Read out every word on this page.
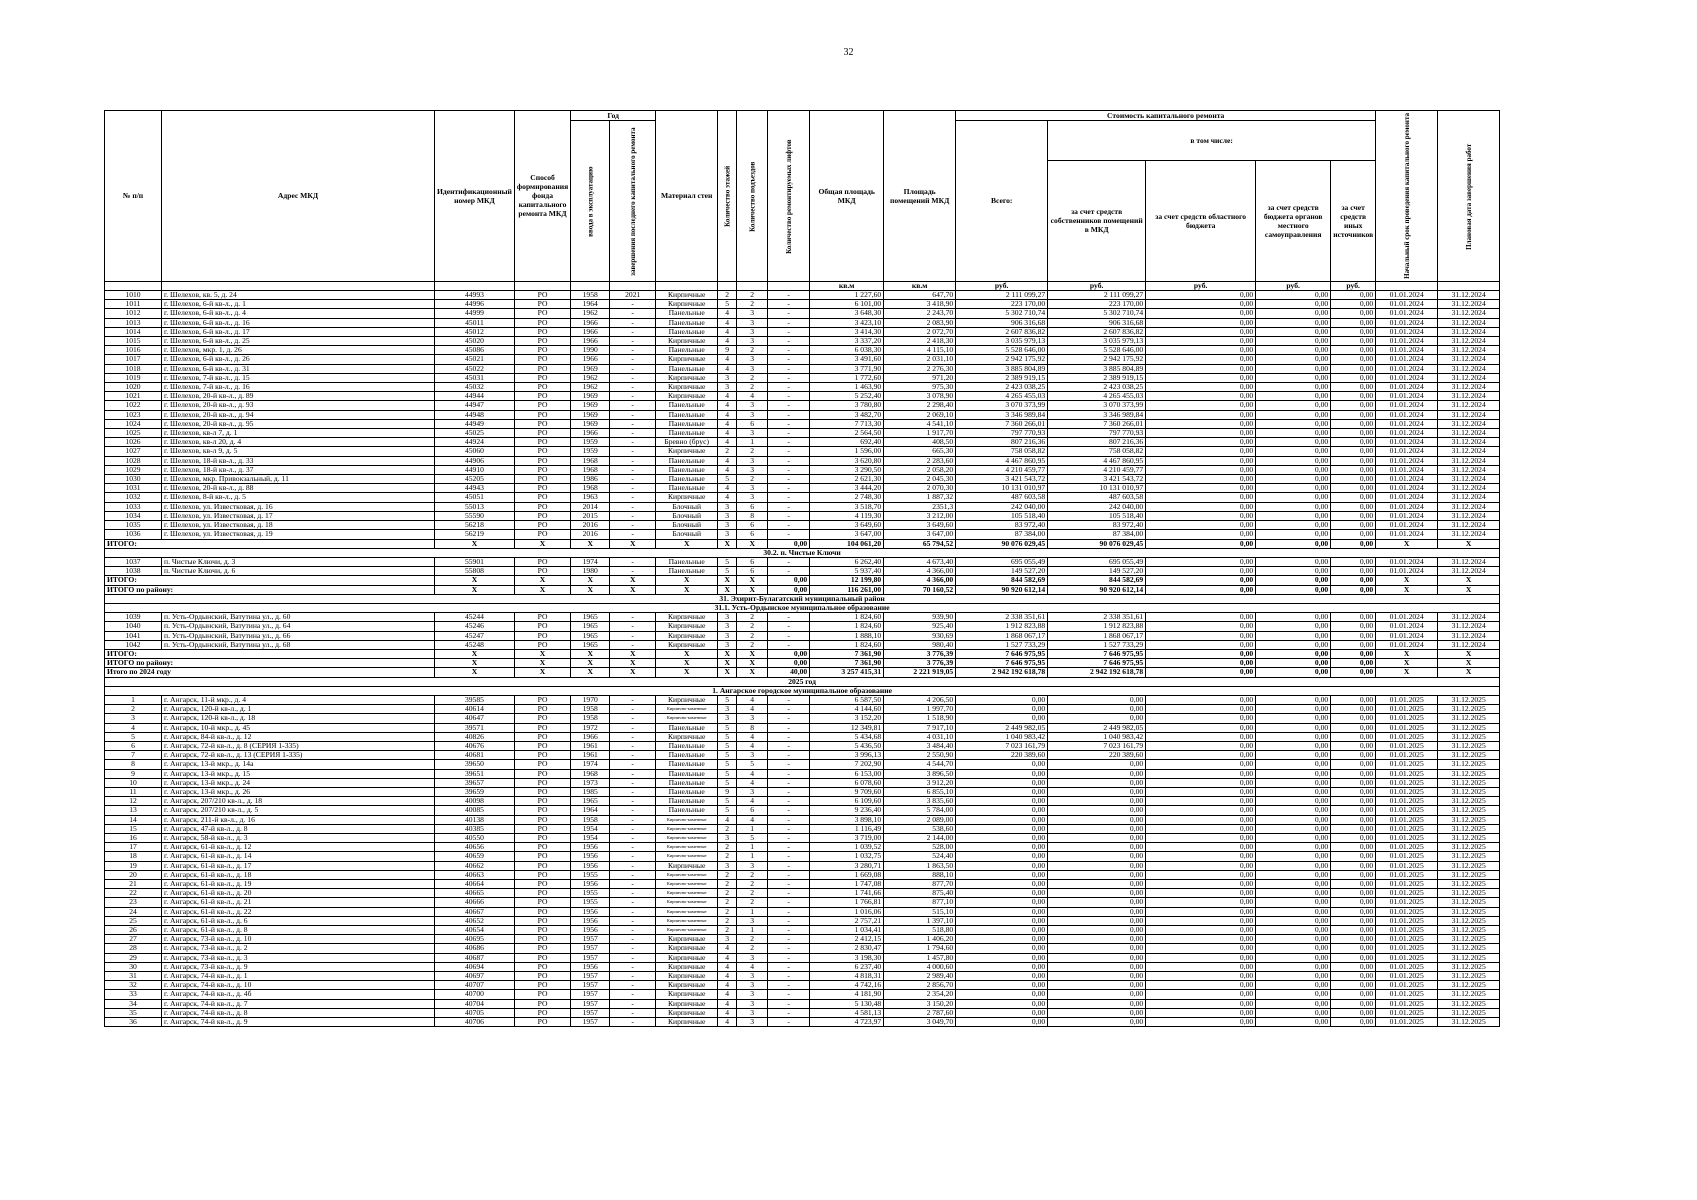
32
№ п/п	Адрес МКД	Идентификационный номер МКД	Способ формирования фонда капитального ремонта МКД	Год		Материал стен	Количество этажей	Количество подъездов	Количество ремонтируемых лифтов	Общая площадь МКД	Площадь помещений МКД	Стоимость капитального ремонта					Начальный срок проведения капитального ремонта	Плановая дата завершения работ
				ввода в эксплуатацию	завершения последнего капитального ремонта							Всего:	в том числе:					
													за счет средств собственников помещений в МКД	за счет средств областного бюджета	за счет средств бюджета органов местного самоуправления	за счет средств иных источников		
										кв.м	кв.м	руб.	руб.	руб.	руб.	руб.		
1010	г. Шелехов, кв. 5, д. 24	44993	РО	1958	2021	Кирпичные	2	2	-	1 227,60	647,70	2 111 099,27	2 111 099,27	0,00	0,00	0,00	01.01.2024	31.12.2024
1011	г. Шелехов, 6-й кв-л., д. 1	44996	РО	1964	-	Кирпичные	5	2	-	6 101,00	3 418,90	223 170,00	223 170,00	0,00	0,00	0,00	01.01.2024	31.12.2024
1012	г. Шелехов, 6-й кв-л., д. 4	44999	РО	1962	-	Панельные	4	3	-	3 648,30	2 243,70	5 302 710,74	5 302 710,74	0,00	0,00	0,00	01.01.2024	31.12.2024
1013	г. Шелехов, 6-й кв-л., д. 16	45011	РО	1966	-	Панельные	4	3	-	3 423,10	2 083,90	906 316,68	906 316,68	0,00	0,00	0,00	01.01.2024	31.12.2024
1014	г. Шелехов, 6-й кв-л., д. 17	45012	РО	1966	-	Панельные	4	3	-	3 414,30	2 072,70	2 607 836,82	2 607 836,82	0,00	0,00	0,00	01.01.2024	31.12.2024
1015	г. Шелехов, 6-й кв-л., д. 25	45020	РО	1966	-	Кирпичные	4	3	-	3 337,20	2 418,30	3 035 979,13	3 035 979,13	0,00	0,00	0,00	01.01.2024	31.12.2024
1016	г. Шелехов, мкр. 1, д. 26	45086	РО	1990	-	Панельные	9	2	-	6 038,30	4 115,10	5 528 646,00	5 528 646,00	0,00	0,00	0,00	01.01.2024	31.12.2024
1017	г. Шелехов, 6-й кв-л., д. 26	45021	РО	1966	-	Кирпичные	4	3	-	3 491,60	2 031,10	2 942 175,92	2 942 175,92	0,00	0,00	0,00	01.01.2024	31.12.2024
1018	г. Шелехов, 6-й кв-л., д. 31	45022	РО	1969	-	Панельные	4	3	-	3 771,90	2 276,30	3 885 804,89	3 885 804,89	0,00	0,00	0,00	01.01.2024	31.12.2024
1019	г. Шелехов, 7-й кв-л., д. 15	45031	РО	1962	-	Кирпичные	3	2	-	1 772,60	971,20	2 389 919,15	2 389 919,15	0,00	0,00	0,00	01.01.2024	31.12.2024
1020	г. Шелехов, 7-й кв-л., д. 16	45032	РО	1962	-	Кирпичные	3	2	-	1 463,90	975,30	2 423 038,25	2 423 038,25	0,00	0,00	0,00	01.01.2024	31.12.2024
1021	г. Шелехов, 20-й кв-л., д. 89	44944	РО	1969	-	Кирпичные	4	4	-	5 252,40	3 078,90	4 265 455,03	4 265 455,03	0,00	0,00	0,00	01.01.2024	31.12.2024
1022	г. Шелехов, 20-й кв-л., д. 93	44947	РО	1969	-	Панельные	4	3	-	3 780,80	2 298,40	3 070 373,99	3 070 373,99	0,00	0,00	0,00	01.01.2024	31.12.2024
1023	г. Шелехов, 20-й кв-л., д. 94	44948	РО	1969	-	Панельные	4	3	-	3 482,70	2 069,10	3 346 989,84	3 346 989,84	0,00	0,00	0,00	01.01.2024	31.12.2024
1024	г. Шелехов, 20-й кв-л., д. 95	44949	РО	1969	-	Панельные	4	6	-	7 713,30	4 541,10	7 360 266,01	7 360 266,01	0,00	0,00	0,00	01.01.2024	31.12.2024
1025	г. Шелехов, кв-л 7, д. 1	45025	РО	1966	-	Панельные	4	3	-	2 564,50	1 917,70	797 770,93	797 770,93	0,00	0,00	0,00	01.01.2024	31.12.2024
1026	г. Шелехов, кв-л 20, д. 4	44924	РО	1959	-	Бревно (брус)	4	1	-	692,40	408,50	807 216,36	807 216,36	0,00	0,00	0,00	01.01.2024	31.12.2024
1027	г. Шелехов, кв-л 9, д. 5	45060	РО	1959	-	Кирпичные	2	2	-	1 596,00	665,30	758 058,82	758 058,82	0,00	0,00	0,00	01.01.2024	31.12.2024
1028	г. Шелехов, 18-й кв-л., д. 33	44906	РО	1968	-	Панельные	4	3	-	3 620,80	2 283,60	4 467 860,95	4 467 860,95	0,00	0,00	0,00	01.01.2024	31.12.2024
1029	г. Шелехов, 18-й кв-л., д. 37	44910	РО	1968	-	Панельные	4	3	-	3 290,50	2 058,20	4 210 459,77	4 210 459,77	0,00	0,00	0,00	01.01.2024	31.12.2024
1030	г. Шелехов, мкр. Привокзальный, д. 11	45205	РО	1986	-	Панельные	5	2	-	2 621,30	2 045,30	3 421 543,72	3 421 543,72	0,00	0,00	0,00	01.01.2024	31.12.2024
1031	г. Шелехов, 20-й кв-л., д. 88	44943	РО	1968	-	Панельные	4	3	-	3 444,20	2 070,30	10 131 010,97	10 131 010,97	0,00	0,00	0,00	01.01.2024	31.12.2024
1032	г. Шелехов, 8-й кв-л., д. 5	45051	РО	1963	-	Кирпичные	4	3	-	2 748,30	1 887,32	487 603,58	487 603,58	0,00	0,00	0,00	01.01.2024	31.12.2024
1033	г. Шелехов, ул. Известковая, д. 16	55013	РО	2014	-	Блочный	3	6	-	3 518,70	2351,3	242 040,00	242 040,00	0,00	0,00	0,00	01.01.2024	31.12.2024
1034	г. Шелехов, ул. Известковая, д. 17	55590	РО	2015	-	Блочный	3	8	-	4 119,30	3 212,00	105 518,40	105 518,40	0,00	0,00	0,00	01.01.2024	31.12.2024
1035	г. Шелехов, ул. Известковая, д. 18	56218	РО	2016	-	Блочный	3	6	-	3 649,60	3 649,60	83 972,40	83 972,40	0,00	0,00	0,00	01.01.2024	31.12.2024
1036	г. Шелехов, ул. Известковая, д. 19	56219	РО	2016	-	Блочный	3	6	-	3 647,00	3 647,00	87 384,00	87 384,00	0,00	0,00	0,00	01.01.2024	31.12.2024
ИТОГО:		X	X	X	X	X	X	X	0,00	104 061,20	65 794,52	90 076 029,45	90 076 029,45	0,00	0,00	0,00	X	X
30.2. п. Чистые Ключи																		
1037	п. Чистые Ключи, д. 3	55901	РО	1974	-	Панельные	5	6	-	6 262,40	4 673,40	695 055,49	695 055,49	0,00	0,00	0,00	01.01.2024	31.12.2024
1038	п. Чистые Ключи, д. 6	55808	РО	1980	-	Панельные	5	6	-	5 937,40	4 366,00	149 527,20	149 527,20	0,00	0,00	0,00	01.01.2024	31.12.2024
ИТОГО:		X	X	X	X	X	X	X	0,00	12 199,80	4 366,00	844 582,69	844 582,69	0,00	0,00	0,00	X	X
ИТОГО по району:		X	X	X	X	X	X	X	0,00	116 261,00	70 160,52	90 920 612,14	90 920 612,14	0,00	0,00	0,00	X	X
31. Эхирит-Булагатский муниципальный район																		
31.1. Усть-Ордынское муниципальное образование																		
1039	п. Усть-Ордынский, Ватутина ул., д. 60	45244	РО	1965	-	Кирпичные	3	2	-	1 824,60	939,90	2 338 351,61	2 338 351,61	0,00	0,00	0,00	01.01.2024	31.12.2024
1040	п. Усть-Ордынский, Ватутина ул., д. 64	45246	РО	1965	-	Кирпичные	3	2	-	1 824,60	925,40	1 912 823,88	1 912 823,88	0,00	0,00	0,00	01.01.2024	31.12.2024
1041	п. Усть-Ордынский, Ватутина ул., д. 66	45247	РО	1965	-	Кирпичные	3	2	-	1 888,10	930,69	1 868 067,17	1 868 067,17	0,00	0,00	0,00	01.01.2024	31.12.2024
1042	п. Усть-Ордынский, Ватутина ул., д. 68	45248	РО	1965	-	Кирпичные	3	2	-	1 824,60	980,40	1 527 733,29	1 527 733,29	0,00	0,00	0,00	01.01.2024	31.12.2024
ИТОГО:		X	X	X	X	X	X	X	0,00	7 361,90	3 776,39	7 646 975,95	7 646 975,95	0,00	0,00	0,00	X	X
ИТОГО по району:		X	X	X	X	X	X	X	0,00	7 361,90	3 776,39	7 646 975,95	7 646 975,95	0,00	0,00	0,00	X	X
Итого по 2024 году		X	X	X	X	X	X	X	40,00	3 257 415,31	2 221 919,05	2 942 192 618,78	2 942 192 618,78	0,00	0,00	0,00	X	X
2025 год																		
1. Ангарское городское муниципальное образование																		
1	г. Ангарск, 11-й мкр., д. 4	39585	РО	1970	-	Кирпичные	5	4	-	6 587,50	4 206,50	0,00	0,00	0,00	0,00	0,00	01.01.2025	31.12.2025
2	г. Ангарск, 120-й кв-л., д. 1	40614	РО	1958	-	Кирпично-каменные	3	4	-	4 144,60	1 997,70	0,00	0,00	0,00	0,00	0,00	01.01.2025	31.12.2025
3	г. Ангарск, 120-й кв-л., д. 18	40647	РО	1958	-	Кирпично-каменные	3	3	-	3 152,20	1 518,90	0,00	0,00	0,00	0,00	0,00	01.01.2025	31.12.2025
4	г. Ангарск, 10-й мкр., д. 45	39571	РО	1972	-	Панельные	5	8	-	12 349,81	7 917,10	2 449 982,05	2 449 982,05	0,00	0,00	0,00	01.01.2025	31.12.2025
5	г. Ангарск, 84-й кв-л., д. 12	40826	РО	1966	-	Кирпичные	5	4	-	5 434,68	4 031,10	1 040 983,42	1 040 983,42	0,00	0,00	0,00	01.01.2025	31.12.2025
6	г. Ангарск, 72-й кв-л., д. 8 (СЕРИЯ 1-335)	40676	РО	1961	-	Панельные	5	4	-	5 436,50	3 484,40	7 023 161,79	7 023 161,79	0,00	0,00	0,00	01.01.2025	31.12.2025
7	г. Ангарск, 72-й кв-л., д. 13 (СЕРИЯ 1-335)	40681	РО	1961	-	Панельные	5	3	-	3 996,13	2 550,90	220 389,60	220 389,60	0,00	0,00	0,00	01.01.2025	31.12.2025
8	г. Ангарск, 13-й мкр., д. 14а	39650	РО	1974	-	Панельные	5	5	-	7 202,90	4 544,70	0,00	0,00	0,00	0,00	0,00	01.01.2025	31.12.2025
9	г. Ангарск, 13-й мкр., д. 15	39651	РО	1968	-	Панельные	5	4	-	6 153,00	3 896,50	0,00	0,00	0,00	0,00	0,00	01.01.2025	31.12.2025
10	г. Ангарск, 13-й мкр., д. 24	39657	РО	1973	-	Панельные	5	4	-	6 078,60	3 912,20	0,00	0,00	0,00	0,00	0,00	01.01.2025	31.12.2025
11	г. Ангарск, 13-й мкр., д. 26	39659	РО	1985	-	Панельные	9	3	-	9 709,60	6 855,10	0,00	0,00	0,00	0,00	0,00	01.01.2025	31.12.2025
12	г. Ангарск, 207/210 кв-л., д. 18	40098	РО	1965	-	Панельные	5	4	-	6 109,60	3 835,60	0,00	0,00	0,00	0,00	0,00	01.01.2025	31.12.2025
13	г. Ангарск, 207/210 кв-л., д. 5	40085	РО	1964	-	Панельные	5	6	-	9 236,40	5 784,00	0,00	0,00	0,00	0,00	0,00	01.01.2025	31.12.2025
14	г. Ангарск, 211-й кв-л., д. 16	40138	РО	1958	-	Кирпично-каменные	4	4	-	3 898,10	2 089,00	0,00	0,00	0,00	0,00	0,00	01.01.2025	31.12.2025
15	г. Ангарск, 47-й кв-л., д. 8	40385	РО	1954	-	Кирпично-каменные	2	1	-	1 116,49	538,60	0,00	0,00	0,00	0,00	0,00	01.01.2025	31.12.2025
16	г. Ангарск, 58-й кв-л., д. 3	40550	РО	1954	-	Кирпично-каменные	3	5	-	3 719,00	2 144,00	0,00	0,00	0,00	0,00	0,00	01.01.2025	31.12.2025
17	г. Ангарск, 61-й кв-л., д. 12	40656	РО	1956	-	Кирпично-каменные	2	1	-	1 039,52	528,00	0,00	0,00	0,00	0,00	0,00	01.01.2025	31.12.2025
18	г. Ангарск, 61-й кв-л., д. 14	40659	РО	1956	-	Кирпично-каменные	2	1	-	1 032,75	524,40	0,00	0,00	0,00	0,00	0,00	01.01.2025	31.12.2025
19	г. Ангарск, 61-й кв-л., д. 17	40662	РО	1956	-	Кирпичные	3	3	-	3 280,71	1 863,50	0,00	0,00	0,00	0,00	0,00	01.01.2025	31.12.2025
20	г. Ангарск, 61-й кв-л., д. 18	40663	РО	1955	-	Кирпично-каменные	2	2	-	1 669,08	888,10	0,00	0,00	0,00	0,00	0,00	01.01.2025	31.12.2025
21	г. Ангарск, 61-й кв-л., д. 19	40664	РО	1956	-	Кирпично-каменные	2	2	-	1 747,08	877,70	0,00	0,00	0,00	0,00	0,00	01.01.2025	31.12.2025
22	г. Ангарск, 61-й кв-л., д. 20	40665	РО	1955	-	Кирпично-каменные	2	2	-	1 741,66	875,40	0,00	0,00	0,00	0,00	0,00	01.01.2025	31.12.2025
23	г. Ангарск, 61-й кв-л., д. 21	40666	РО	1955	-	Кирпично-каменные	2	2	-	1 766,81	877,10	0,00	0,00	0,00	0,00	0,00	01.01.2025	31.12.2025
24	г. Ангарск, 61-й кв-л., д. 22	40667	РО	1956	-	Кирпично-каменные	2	1	-	1 016,06	515,10	0,00	0,00	0,00	0,00	0,00	01.01.2025	31.12.2025
25	г. Ангарск, 61-й кв-л., д. 6	40652	РО	1956	-	Кирпично-каменные	2	3	-	2 757,21	1 397,10	0,00	0,00	0,00	0,00	0,00	01.01.2025	31.12.2025
26	г. Ангарск, 61-й кв-л., д. 8	40654	РО	1956	-	Кирпично-каменные	2	1	-	1 034,41	518,80	0,00	0,00	0,00	0,00	0,00	01.01.2025	31.12.2025
27	г. Ангарск, 73-й кв-л., д. 10	40695	РО	1957	-	Кирпичные	3	2	-	2 412,15	1 406,20	0,00	0,00	0,00	0,00	0,00	01.01.2025	31.12.2025
28	г. Ангарск, 73-й кв-л., д. 2	40686	РО	1957	-	Кирпичные	4	2	-	2 830,47	1 794,60	0,00	0,00	0,00	0,00	0,00	01.01.2025	31.12.2025
29	г. Ангарск, 73-й кв-л., д. 3	40687	РО	1957	-	Кирпичные	4	3	-	3 198,30	1 457,80	0,00	0,00	0,00	0,00	0,00	01.01.2025	31.12.2025
30	г. Ангарск, 73-й кв-л., д. 9	40694	РО	1956	-	Кирпичные	4	4	-	6 237,40	4 000,60	0,00	0,00	0,00	0,00	0,00	01.01.2025	31.12.2025
31	г. Ангарск, 74-й кв-л., д. 1	40697	РО	1957	-	Кирпичные	4	3	-	4 818,31	2 989,40	0,00	0,00	0,00	0,00	0,00	01.01.2025	31.12.2025
32	г. Ангарск, 74-й кв-л., д. 10	40707	РО	1957	-	Кирпичные	4	3	-	4 742,16	2 856,70	0,00	0,00	0,00	0,00	0,00	01.01.2025	31.12.2025
33	г. Ангарск, 74-й кв-л., д. 4б	40700	РО	1957	-	Кирпичные	4	3	-	4 181,90	2 354,20	0,00	0,00	0,00	0,00	0,00	01.01.2025	31.12.2025
34	г. Ангарск, 74-й кв-л., д. 7	40704	РО	1957	-	Кирпичные	4	3	-	5 130,48	3 150,20	0,00	0,00	0,00	0,00	0,00	01.01.2025	31.12.2025
35	г. Ангарск, 74-й кв-л., д. 8	40705	РО	1957	-	Кирпичные	4	3	-	4 581,13	2 787,60	0,00	0,00	0,00	0,00	0,00	01.01.2025	31.12.2025
36	г. Ангарск, 74-й кв-л., д. 9	40706	РО	1957	-	Кирпичные	4	3	-	4 723,97	3 049,70	0,00	0,00	0,00	0,00	0,00	01.01.2025	31.12.2025
